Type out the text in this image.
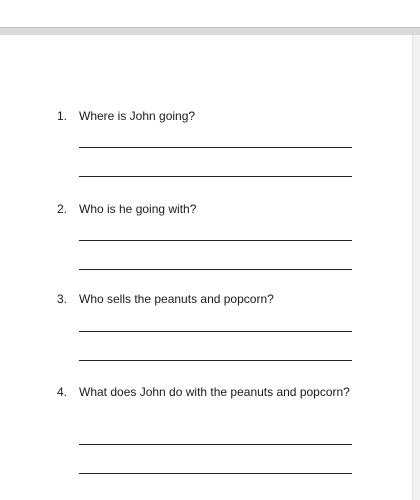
1. Where is John going?
2. Who is he going with?
3. Who sells the peanuts and popcorn?
4. What does John do with the peanuts and popcorn?
